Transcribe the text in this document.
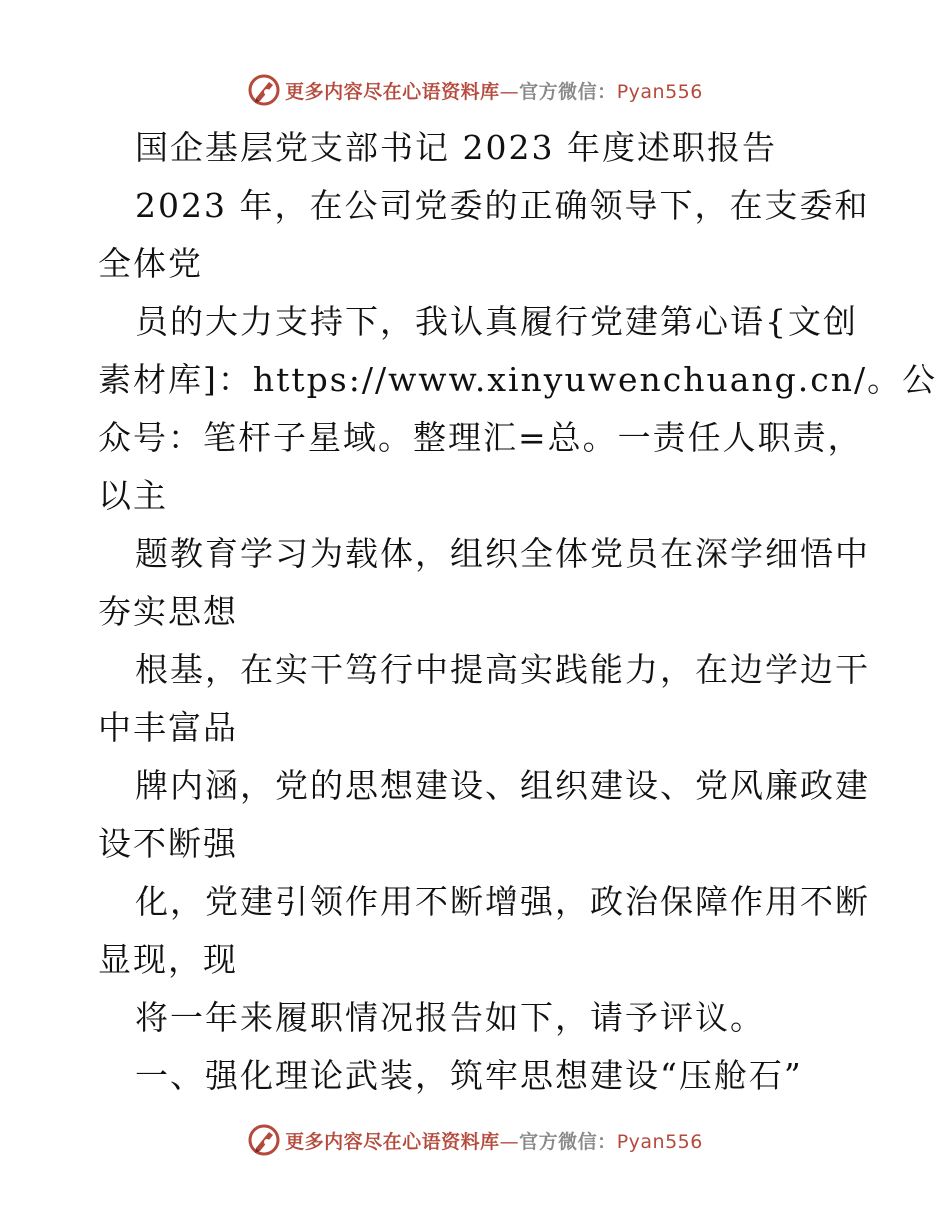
更多内容尽在心语资料库—官方微信：Pyan556
国企基层党支部书记 2023 年度述职报告
2023 年，在公司党委的正确领导下，在支委和
全体党
员的大力支持下，我认真履行党建第心语{文创
素材库]：https://www.xinyuwenchuang.cn/。公
众号：笔杆子星域。整理汇=总。一责任人职责，
以主
题教育学习为载体，组织全体党员在深学细悟中
夯实思想
根基，在实干笃行中提高实践能力，在边学边干
中丰富品
牌内涵，党的思想建设、组织建设、党风廉政建
设不断强
化，党建引领作用不断增强，政治保障作用不断
显现，现
将一年来履职情况报告如下，请予评议。
一、强化理论武装，筑牢思想建设“压舱石”
更多内容尽在心语资料库—官方微信：Pyan556
